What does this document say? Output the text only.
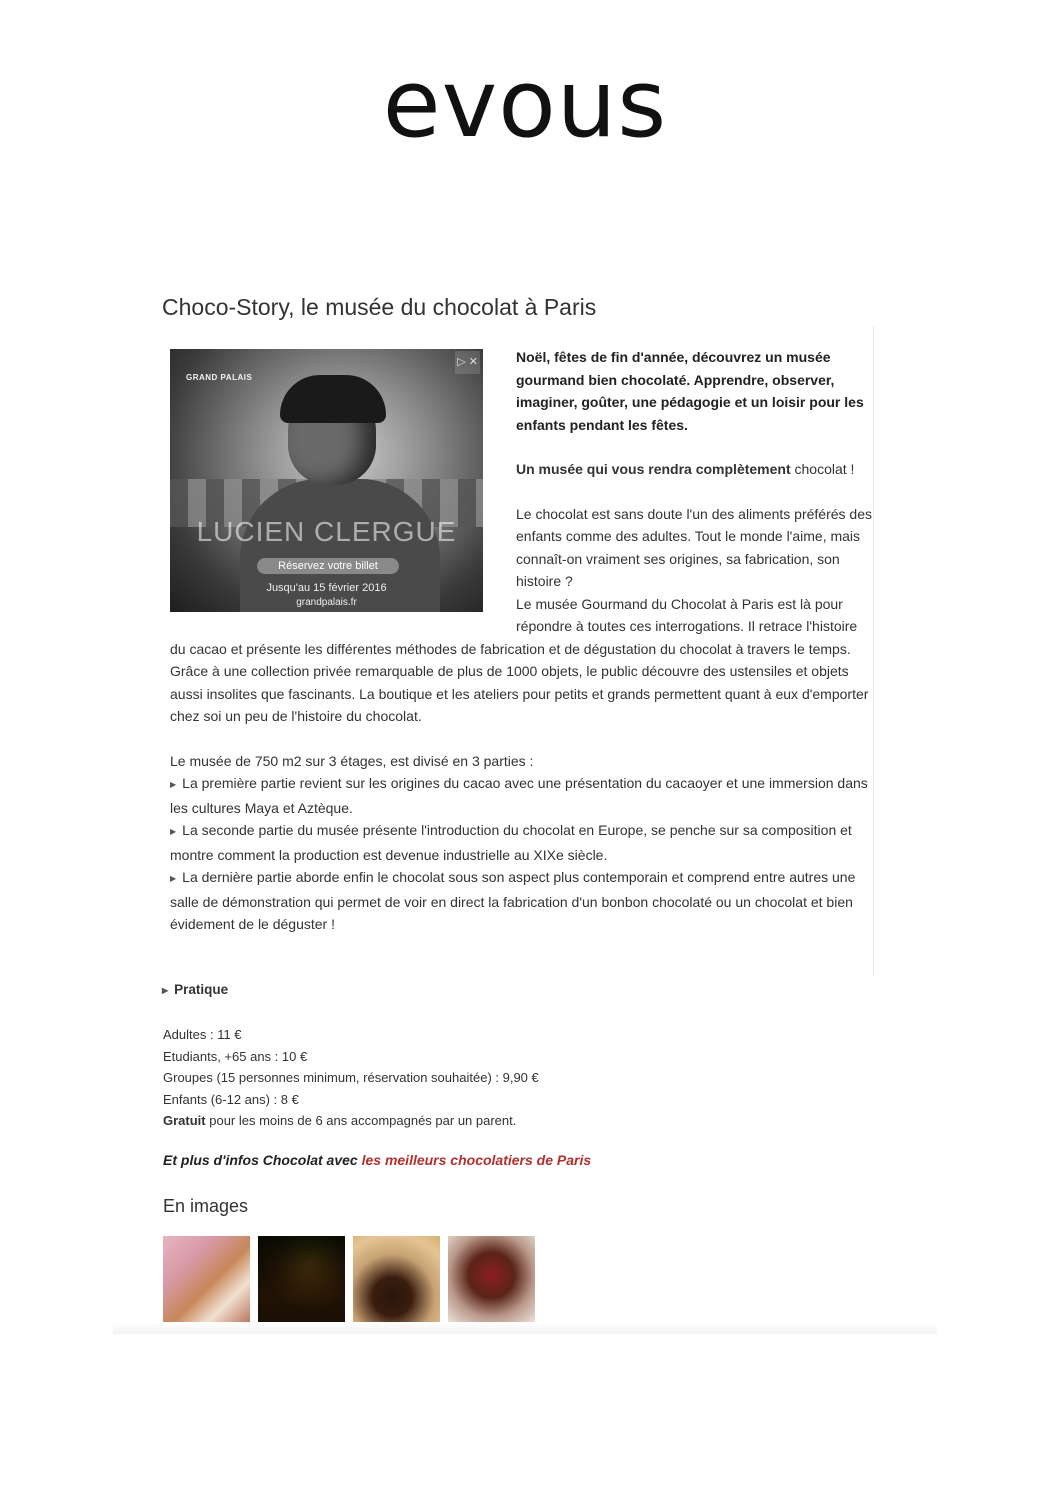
evous
Choco-Story, le musée du chocolat à Paris
GRAND PALAIS
▷ ✕
LUCIEN CLERGUE
Réservez votre billet
Jusqu'au 15 février 2016
grandpalais.fr

Noël, fêtes de fin d'année, découvrez un musée gourmand bien chocolaté. Apprendre, observer, imaginer, goûter, une pédagogie et un loisir pour les enfants pendant les fêtes.

Un musée qui vous rendra complètement chocolat !

Le chocolat est sans doute l'un des aliments préférés des enfants comme des adultes. Tout le monde l'aime, mais connaît-on vraiment ses origines, sa fabrication, son histoire ?

Le musée Gourmand du Chocolat à Paris est là pour répondre à toutes ces interrogations. Il retrace l'histoire du cacao et présente les différentes méthodes de fabrication et de dégustation du chocolat à travers le temps. Grâce à une collection privée remarquable de plus de 1000 objets, le public découvre des ustensiles et objets aussi insolites que fascinants. La boutique et les ateliers pour petits et grands permettent quant à eux d'emporter chez soi un peu de l'histoire du chocolat.

Le musée de 750 m2 sur 3 étages, est divisé en 3 parties :

▶ La première partie revient sur les origines du cacao avec une présentation du cacaoyer et une immersion dans les cultures Maya et Aztèque.

▶ La seconde partie du musée présente l'introduction du chocolat en Europe, se penche sur sa composition et montre comment la production est devenue industrielle au XIXe siècle.

▶ La dernière partie aborde enfin le chocolat sous son aspect plus contemporain et comprend entre autres une salle de démonstration qui permet de voir en direct la fabrication d'un bonbon chocolaté ou un chocolat et bien évidement de le déguster !

▶ Pratique

Adultes : 11 €

Etudiants, +65 ans : 10 €

Groupes (15 personnes minimum, réservation souhaitée) : 9,90 €

Enfants (6-12 ans) : 8 €

Gratuit pour les moins de 6 ans accompagnés par un parent.

Et plus d'infos Chocolat avec les meilleurs chocolatiers de Paris
En images
